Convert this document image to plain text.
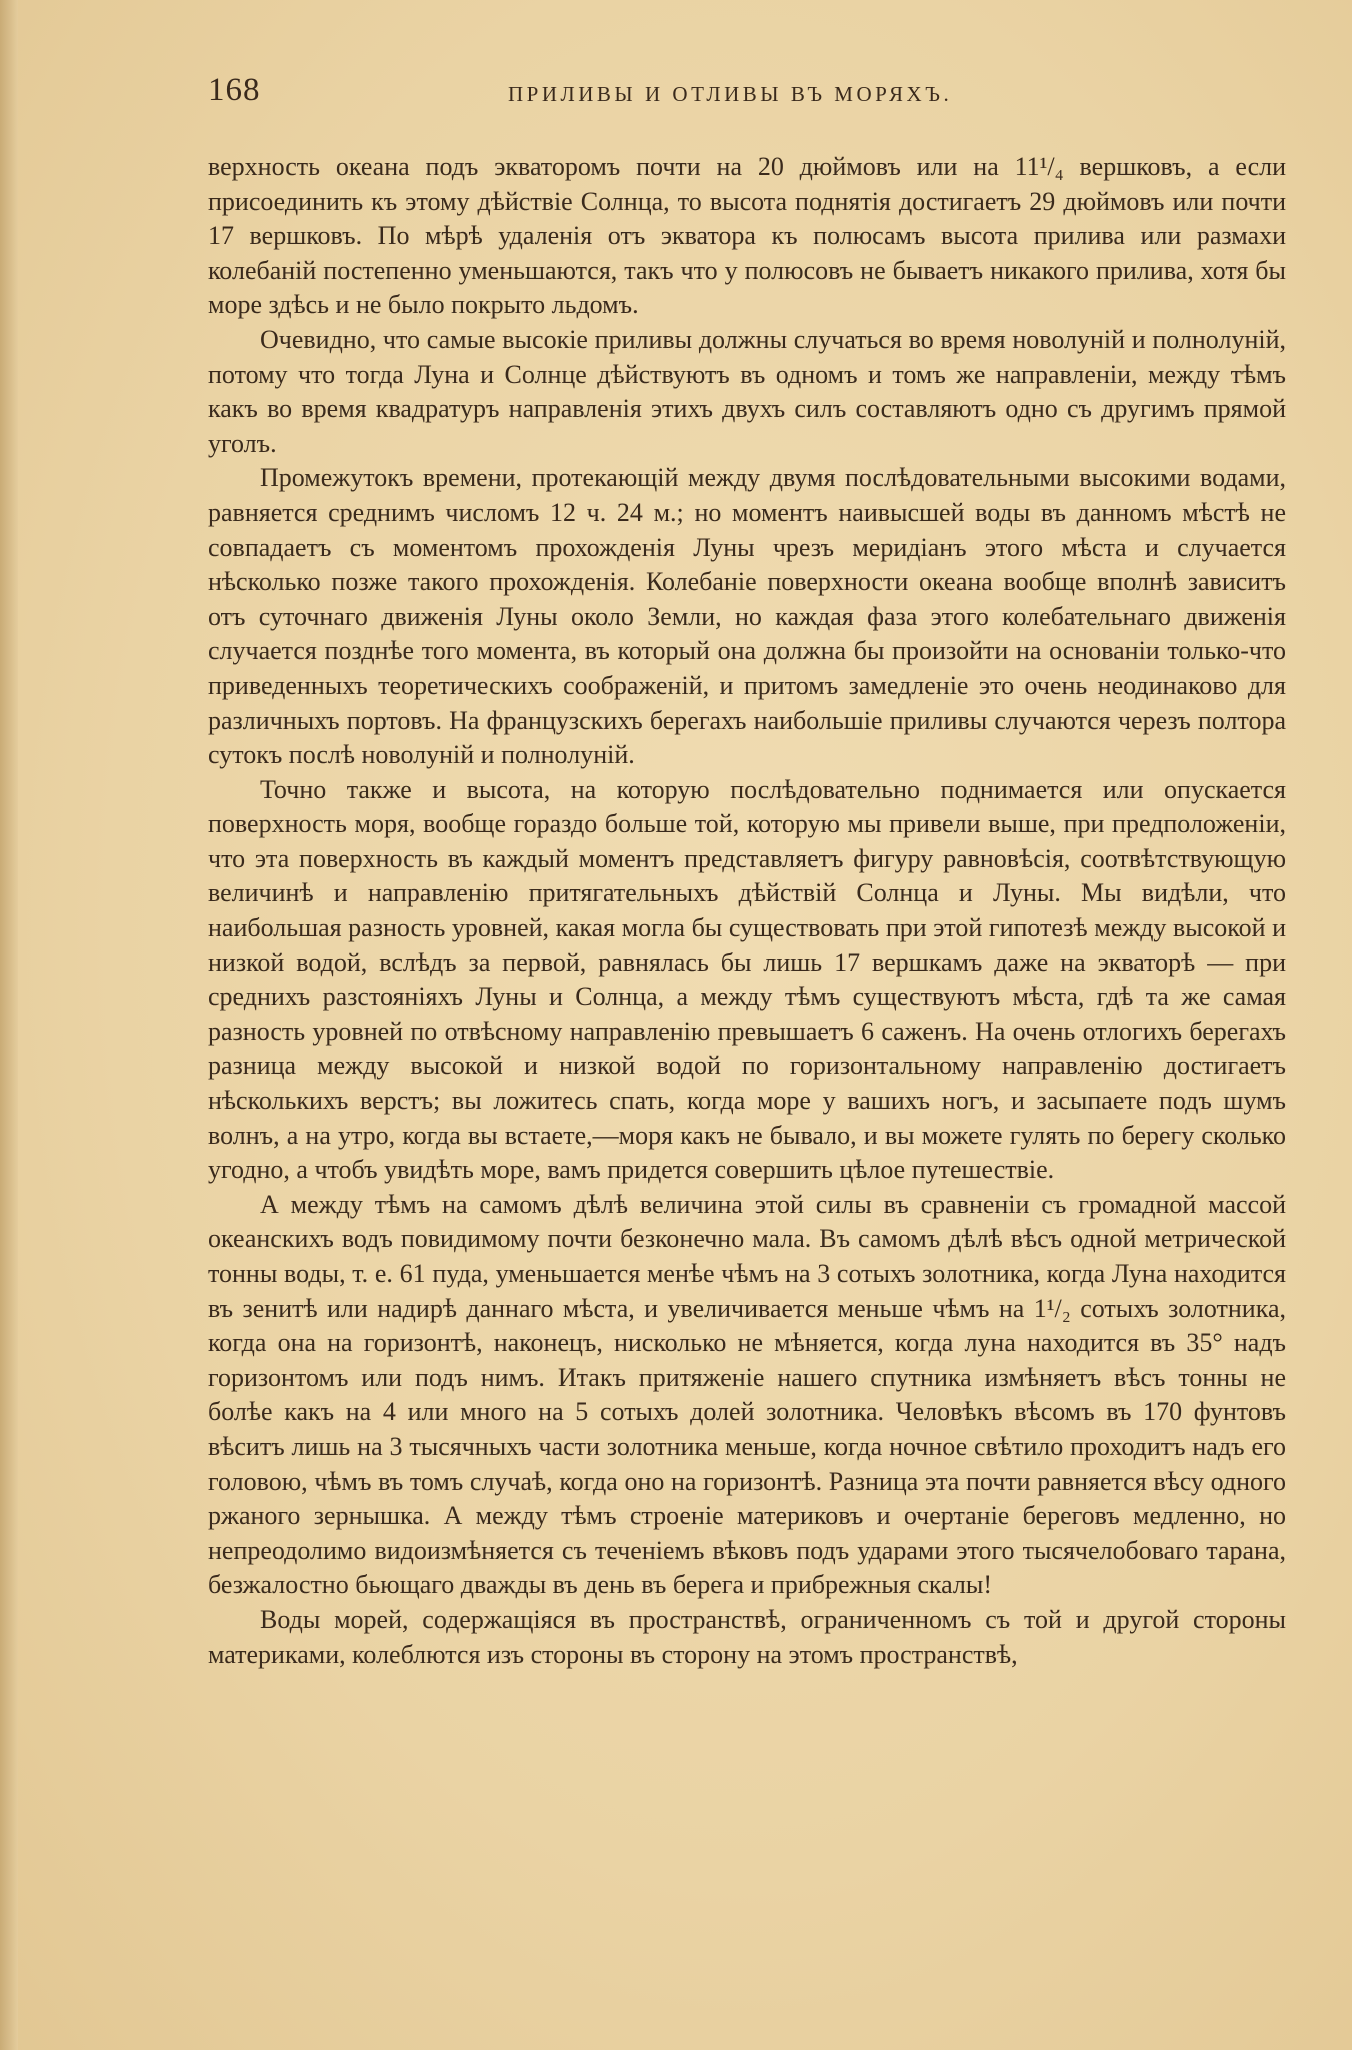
168	ПРИЛИВЫ И ОТЛИВЫ ВЪ МОРЯХЪ.

верхность океана подъ экваторомъ почти на 20 дюймовъ или на 11¹/₄ вершковъ, а если присоединить къ этому дѣйствіе Солнца, то высота поднятія достигаетъ 29 дюймовъ или почти 17 вершковъ. По мѣрѣ удаленія отъ экватора къ полюсамъ высота прилива или размахи колебаній постепенно уменьшаются, такъ что у полюсовъ не бываетъ никакого прилива, хотя бы море здѣсь и не было покрыто льдомъ.

Очевидно, что самые высокіе приливы должны случаться во время новолуній и полнолуній, потому что тогда Луна и Солнце дѣйствуютъ въ одномъ и томъ же направленіи, между тѣмъ какъ во время квадратуръ направленія этихъ двухъ силъ составляютъ одно съ другимъ прямой уголъ.

Промежутокъ времени, протекающій между двумя послѣдовательными высокими водами, равняется среднимъ числомъ 12 ч. 24 м.; но моментъ наивысшей воды въ данномъ мѣстѣ не совпадаетъ съ моментомъ прохожденія Луны чрезъ меридіанъ этого мѣста и случается нѣсколько позже такого прохожденія. Колебаніе поверхности океана вообще вполнѣ зависитъ отъ суточнаго движенія Луны около Земли, но каждая фаза этого колебательнаго движенія случается позднѣе того момента, въ который она должна бы произойти на основаніи только-что приведенныхъ теоретическихъ соображеній, и притомъ замедленіе это очень неодинаково для различныхъ портовъ. На французскихъ берегахъ наибольшіе приливы случаются черезъ полтора сутокъ послѣ новолуній и полнолуній.

Точно также и высота, на которую послѣдовательно поднимается или опускается поверхность моря, вообще гораздо больше той, которую мы привели выше, при предположеніи, что эта поверхность въ каждый моментъ представляетъ фигуру равновѣсія, соотвѣтствующую величинѣ и направленію притягательныхъ дѣйствій Солнца и Луны. Мы видѣли, что наибольшая разность уровней, какая могла бы существовать при этой гипотезѣ между высокой и низкой водой, вслѣдъ за первой, равнялась бы лишь 17 вершкамъ даже на экваторѣ — при среднихъ разстояніяхъ Луны и Солнца, а между тѣмъ существуютъ мѣста, гдѣ та же самая разность уровней по отвѣсному направленію превышаетъ 6 саженъ. На очень отлогихъ берегахъ разница между высокой и низкой водой по горизонтальному направленію достигаетъ нѣсколькихъ верстъ; вы ложитесь спать, когда море у вашихъ ногъ, и засыпаете подъ шумъ волнъ, а на утро, когда вы встаете,—моря какъ не бывало, и вы можете гулять по берегу сколько угодно, а чтобъ увидѣть море, вамъ придется совершить цѣлое путешествіе.

А между тѣмъ на самомъ дѣлѣ величина этой силы въ сравненіи съ громадной массой океанскихъ водъ повидимому почти безконечно мала. Въ самомъ дѣлѣ вѣсъ одной метрической тонны воды, т. е. 61 пуда, уменьшается менѣе чѣмъ на 3 сотыхъ золотника, когда Луна находится въ зенитѣ или надирѣ даннаго мѣста, и увеличивается меньше чѣмъ на 1¹/₂ сотыхъ золотника, когда она на горизонтѣ, наконецъ, нисколько не мѣняется, когда луна находится въ 35° надъ горизонтомъ или подъ нимъ. Итакъ притяженіе нашего спутника измѣняетъ вѣсъ тонны не болѣе какъ на 4 или много на 5 сотыхъ долей золотника. Человѣкъ вѣсомъ въ 170 фунтовъ вѣситъ лишь на 3 тысячныхъ части золотника меньше, когда ночное свѣтило проходитъ надъ его головою, чѣмъ въ томъ случаѣ, когда оно на горизонтѣ. Разница эта почти равняется вѣсу одного ржаного зернышка. А между тѣмъ строеніе материковъ и очертаніе береговъ медленно, но непреодолимо видоизмѣняется съ теченіемъ вѣковъ подъ ударами этого тысячелобоваго тарана, безжалостно бьющаго дважды въ день въ берега и прибрежныя скалы!

Воды морей, содержащіяся въ пространствѣ, ограниченномъ съ той и другой стороны материками, колеблются изъ стороны въ сторону на этомъ пространствѣ,
